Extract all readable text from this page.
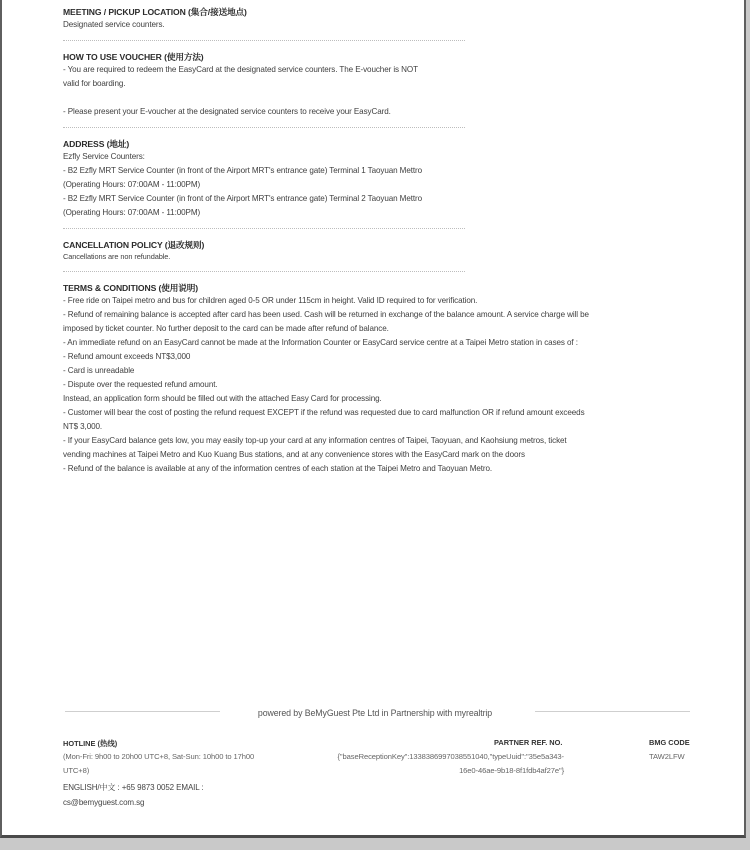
MEETING / PICKUP LOCATION (集合/接送地点)

Designated service counters.

HOW TO USE VOUCHER (使用方法)

- You are required to redeem the EasyCard at the designated service counters. The E-voucher is NOT
valid for boarding.
- Please present your E-voucher at the designated service counters to receive your EasyCard.

ADDRESS (地址)

Ezfly Service Counters:
- B2 Ezfly MRT Service Counter (in front of the Airport MRT's entrance gate) Terminal 1 Taoyuan Mettro
(Operating Hours: 07:00AM - 11:00PM)
- B2 Ezfly MRT Service Counter (in front of the Airport MRT's entrance gate) Terminal 2 Taoyuan Mettro
(Operating Hours: 07:00AM - 11:00PM)

CANCELLATION POLICY (退改规则)

Cancellations are non refundable.

TERMS & CONDITIONS (使用说明)

- Free ride on Taipei metro and bus for children aged 0-5 OR under 115cm in height. Valid ID required to for verification.
- Refund of remaining balance is accepted after card has been used. Cash will be returned in exchange of the balance amount. A service charge will be
imposed by ticket counter. No further deposit to the card can be made after refund of balance.
- An immediate refund on an EasyCard cannot be made at the Information Counter or EasyCard service centre at a Taipei Metro station in cases of :
- Refund amount exceeds NT$3,000
- Card is unreadable
- Dispute over the requested refund amount.
Instead, an application form should be filled out with the attached Easy Card for processing.
- Customer will bear the cost of posting the refund request EXCEPT if the refund was requested due to card malfunction OR if refund amount exceeds
NT$ 3,000.
- If your EasyCard balance gets low, you may easily top-up your card at any information centres of Taipei, Taoyuan, and Kaohsiung metros, ticket
vending machines at Taipei Metro and Kuo Kuang Bus stations, and at any convenience stores with the EasyCard mark on the doors
- Refund of the balance is available at any of the information centres of each station at the Taipei Metro and Taoyuan Metro.
powered by BeMyGuest Pte Ltd in Partnership with myrealtrip
HOTLINE (热线)
(Mon-Fri: 9h00 to 20h00 UTC+8, Sat-Sun: 10h00 to 17h00
UTC+8)
ENGLISH/中文 : +65 9873 0052 EMAIL :
cs@bemyguest.com.sg
PARTNER REF. NO.
{"baseReceptionKey":1338386997038551040,"typeUuid":"35e5a343-
16e0-46ae-9b18-8f1fdb4af27e"}
BMG CODE
TAW2LFW
